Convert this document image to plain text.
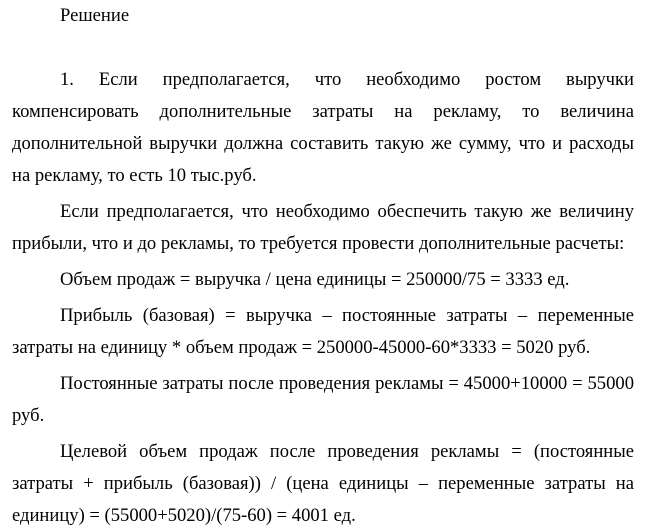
Решение

1. Если предполагается, что необходимо ростом выручки компенсировать дополнительные затраты на рекламу, то величина дополнительной выручки должна составить такую же сумму, что и расходы на рекламу, то есть 10 тыс.руб.

Если предполагается, что необходимо обеспечить такую же величину прибыли, что и до рекламы, то требуется провести дополнительные расчеты:

Объем продаж = выручка / цена единицы = 250000/75 = 3333 ед.

Прибыль (базовая) = выручка – постоянные затраты – переменные затраты на единицу * объем продаж = 250000-45000-60*3333 = 5020 руб.

Постоянные затраты после проведения рекламы = 45000+10000 = 55000 руб.

Целевой объем продаж после проведения рекламы = (постоянные затраты + прибыль (базовая)) / (цена единицы – переменные затраты на единицу) = (55000+5020)/(75-60) = 4001 ед.
